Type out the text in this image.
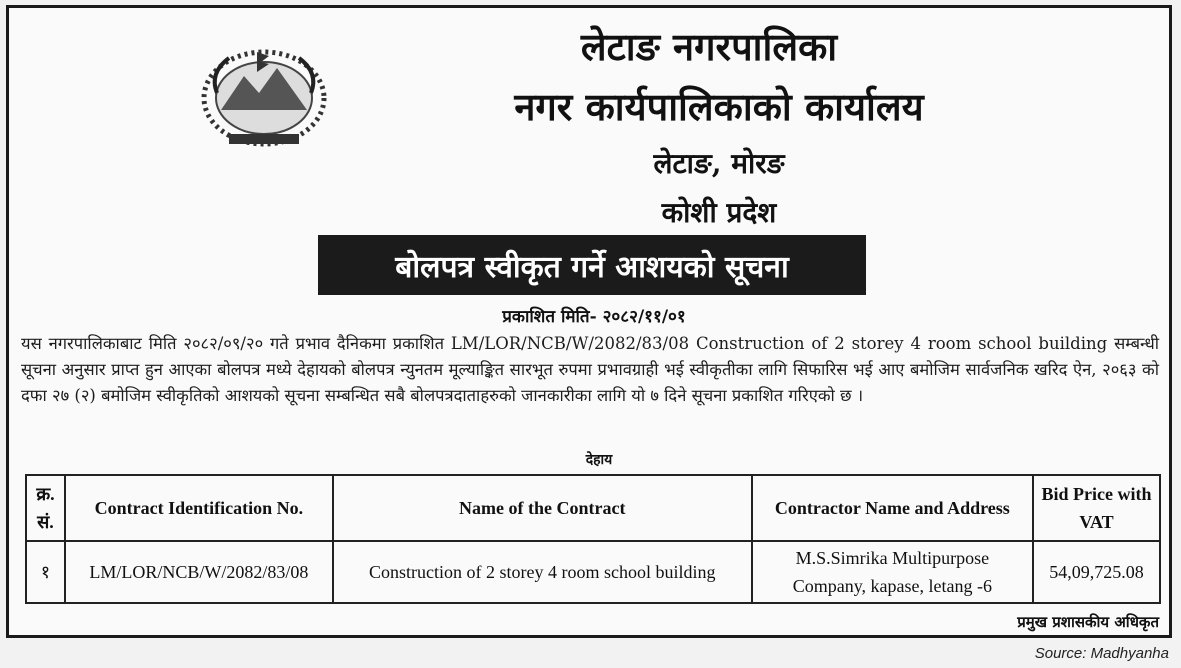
लेटाङ नगरपालिका
नगर कार्यपालिकाको कार्यालय
लेटाङ, मोरङ
कोशी प्रदेश
बोलपत्र स्वीकृत गर्ने आशयको सूचना
प्रकाशित मिति- २०८२/११/०१

यस नगरपालिकाबाट मिति २०८२/०९/२० गते प्रभाव दैनिकमा प्रकाशित LM/LOR/NCB/W/2082/83/08 Construction of 2 storey 4 room school building सम्बन्धी सूचना अनुसार प्राप्त हुन आएका बोलपत्र मध्ये देहायको बोलपत्र न्युनतम मूल्याङ्कित सारभूत रुपमा प्रभावग्राही भई स्वीकृतीका लागि सिफारिस भई आए बमोजिम सार्वजनिक खरिद ऐन, २०६३ को दफा २७ (२) बमोजिम स्वीकृतिको आशयको सूचना सम्बन्धित सबै बोलपत्रदाताहरुको जानकारीका लागि यो ७ दिने सूचना प्रकाशित गरिएको छ ।

देहाय
क्र. सं.	Contract Identification No.	Name of the Contract	Contractor Name and Address	Bid Price with VAT
१	LM/LOR/NCB/W/2082/83/08	Construction of 2 storey 4 room school building	M.S.Simrika Multipurpose Company, kapase, letang -6	54,09,725.08
प्रमुख प्रशासकीय अधिकृत
Source: Madhyanha
